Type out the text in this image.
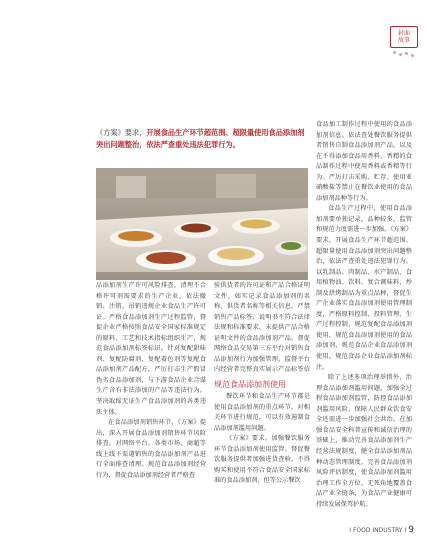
封面
故事
《方案》要求，开展食品生产环节超范围、超限量使用食品添加剂突出问题整治，依法严查重处违法犯罪行为。

品添加剂生产许可风险排查，清理不合格许可剂需要求的生产企业，依法撤销、注销、吊销违规企业食品生产许可证。严格食品添加剂生产过程监管，督促企业严格按照食品安全国家标准规定的原料、工艺和技术指标组织生产，规范食品添加剂标签标识。针对复配甜味剂、复配防腐剂、复配着色剂等复配食品添加剂产品配方，严厉打击生产假冒伪劣食品添加剂，与下游食品企业合谋生产含有非法添加的产品等违法行为。坚决取缔无证生产食品添加剂的各类违法主体。

在食品添加剂销售环节，《方案》提出，深入开展食品添加剂销售环节风险排查。对网络平台、各类市场、商超等线上线下渠道销售的食品添加剂产品进行全面排查清理。规范食品添加剂经营行为，督促食品添加剂经营者严格查

验供货者的许可证和产品合格证明文件，如实记录食品添加剂的名称、供货者名称等相关信息，严禁销售产品标签、说明书不符合法律法规和标准要求，未提供产品合格证明文件的食品添加剂产品。督促网络食品交易第三方平台对销售食品添加剂行为加强管理，监督平台内经营者完整真实展示产品标签信

规范食品添加剂使用

餐饮环节和食品生产环节都是使用食品添加剂的重点环节，对相关环节进行规范，可以有效遏制食品添加剂滥用问题。

《方案》要求，加强餐饮服务环节食品添加剂使用监管。督促餐饮服务提供者加强进货查验，不得购买和使用不符合食品安全国家标准的食品添加剂，但等公示餐饮

食品加工制作过程中使用的食品添加剂信息。依法查处餐饮服务提供者销售自制食品添加剂产品，以及在不得添加食品用香料、香精的食品制作过程中使用香料或香精等行为。严厉打击采购、贮存、使用亚硝酸盐等禁止在餐饮业使用的食品添加剂品种等行为。

食品生产过程中，使用食品添加剂要单独记录，品种较多，监管和规范力度需进一步加强。《方案》要求，开展食品生产环节超范围、超限量使用食品添加剂突出问题整治，依法严查重处违法犯罪行为。以乳制品、肉制品、水产制品、食用植物油、饮料、复合调味料、炒制及烘烤制品为重点品种，督促生产企业落实食品添加剂使用管理制度，严格原料控制、投料管理、生产过程控制，规范复配食品添加剂使用，规范食品添加剂使用的食品添加剂，规范食品企业食品添加剂使用，规范食品企业食品添加剂标注。

除了上述多项治理举措外，治理食品添加剂滥用问题，加强全过程食品添加剂监管，防控食品添加剂滥用风险，保障人民群众饮食安全还需进一步加强社会共治。在加强食品安全科普宣传和诚信治理的基础上，推动完善食品添加剂生产经营法规制度，健全食品添加剂品种动态管理制度，完善食品添加剂风险评估制度，使食品添加剂滥用治理工作全方位、无死角地覆盖食品产业全链条，为食品产业健康可持续发展保驾护航。

I FOOD INDUSTRY I 9
